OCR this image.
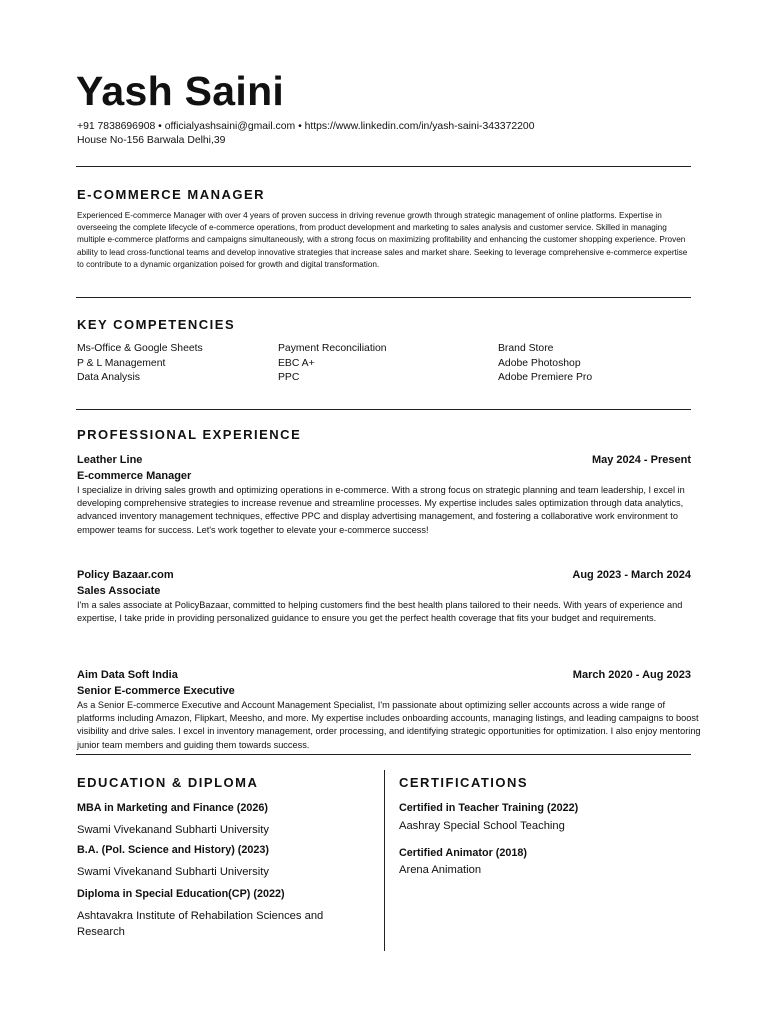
Yash Saini
+91 7838696908 • officialyashsaini@gmail.com • https://www.linkedin.com/in/yash-saini-343372200
House No-156 Barwala Delhi,39
E-COMMERCE MANAGER
Experienced E-commerce Manager with over 4 years of proven success in driving revenue growth through strategic management of online platforms. Expertise in overseeing the complete lifecycle of e-commerce operations, from product development and marketing to sales analysis and customer service. Skilled in managing multiple e-commerce platforms and campaigns simultaneously, with a strong focus on maximizing profitability and enhancing the customer shopping experience. Proven ability to lead cross-functional teams and develop innovative strategies that increase sales and market share. Seeking to leverage comprehensive e-commerce expertise to contribute to a dynamic organization poised for growth and digital transformation.
KEY COMPETENCIES
Ms-Office & Google Sheets
P & L Management
Data Analysis
Payment Reconciliation
EBC A+
PPC
Brand Store
Adobe Photoshop
Adobe Premiere Pro
PROFESSIONAL EXPERIENCE
Leather Line	May 2024 - Present
E-commerce Manager
I specialize in driving sales growth and optimizing operations in e-commerce. With a strong focus on strategic planning and team leadership, I excel in developing comprehensive strategies to increase revenue and streamline processes. My expertise includes sales optimization through data analytics, advanced inventory management techniques, effective PPC and display advertising management, and fostering a collaborative work environment to empower teams for success. Let's work together to elevate your e-commerce success!
Policy Bazaar.com	Aug 2023 - March 2024
Sales Associate
I'm a sales associate at PolicyBazaar, committed to helping customers find the best health plans tailored to their needs. With years of experience and expertise, I take pride in providing personalized guidance to ensure you get the perfect health coverage that fits your budget and requirements.
Aim Data Soft India	March 2020 - Aug 2023
Senior E-commerce Executive
As a Senior E-commerce Executive and Account Management Specialist, I'm passionate about optimizing seller accounts across a wide range of platforms including Amazon, Flipkart, Meesho, and more. My expertise includes onboarding accounts, managing listings, and leading campaigns to boost visibility and drive sales. I excel in inventory management, order processing, and identifying strategic opportunities for optimization. I also enjoy mentoring junior team members and guiding them towards success.
EDUCATION & DIPLOMA
MBA in Marketing and Finance (2026)
Swami Vivekanand Subharti University
B.A. (Pol. Science and History) (2023)
Swami Vivekanand Subharti University
Diploma in Special Education(CP) (2022)
Ashtavakra Institute of Rehabilation Sciences and Research
CERTIFICATIONS
Certified in Teacher Training (2022)
Aashray Special School Teaching
Certified Animator (2018)
Arena Animation
